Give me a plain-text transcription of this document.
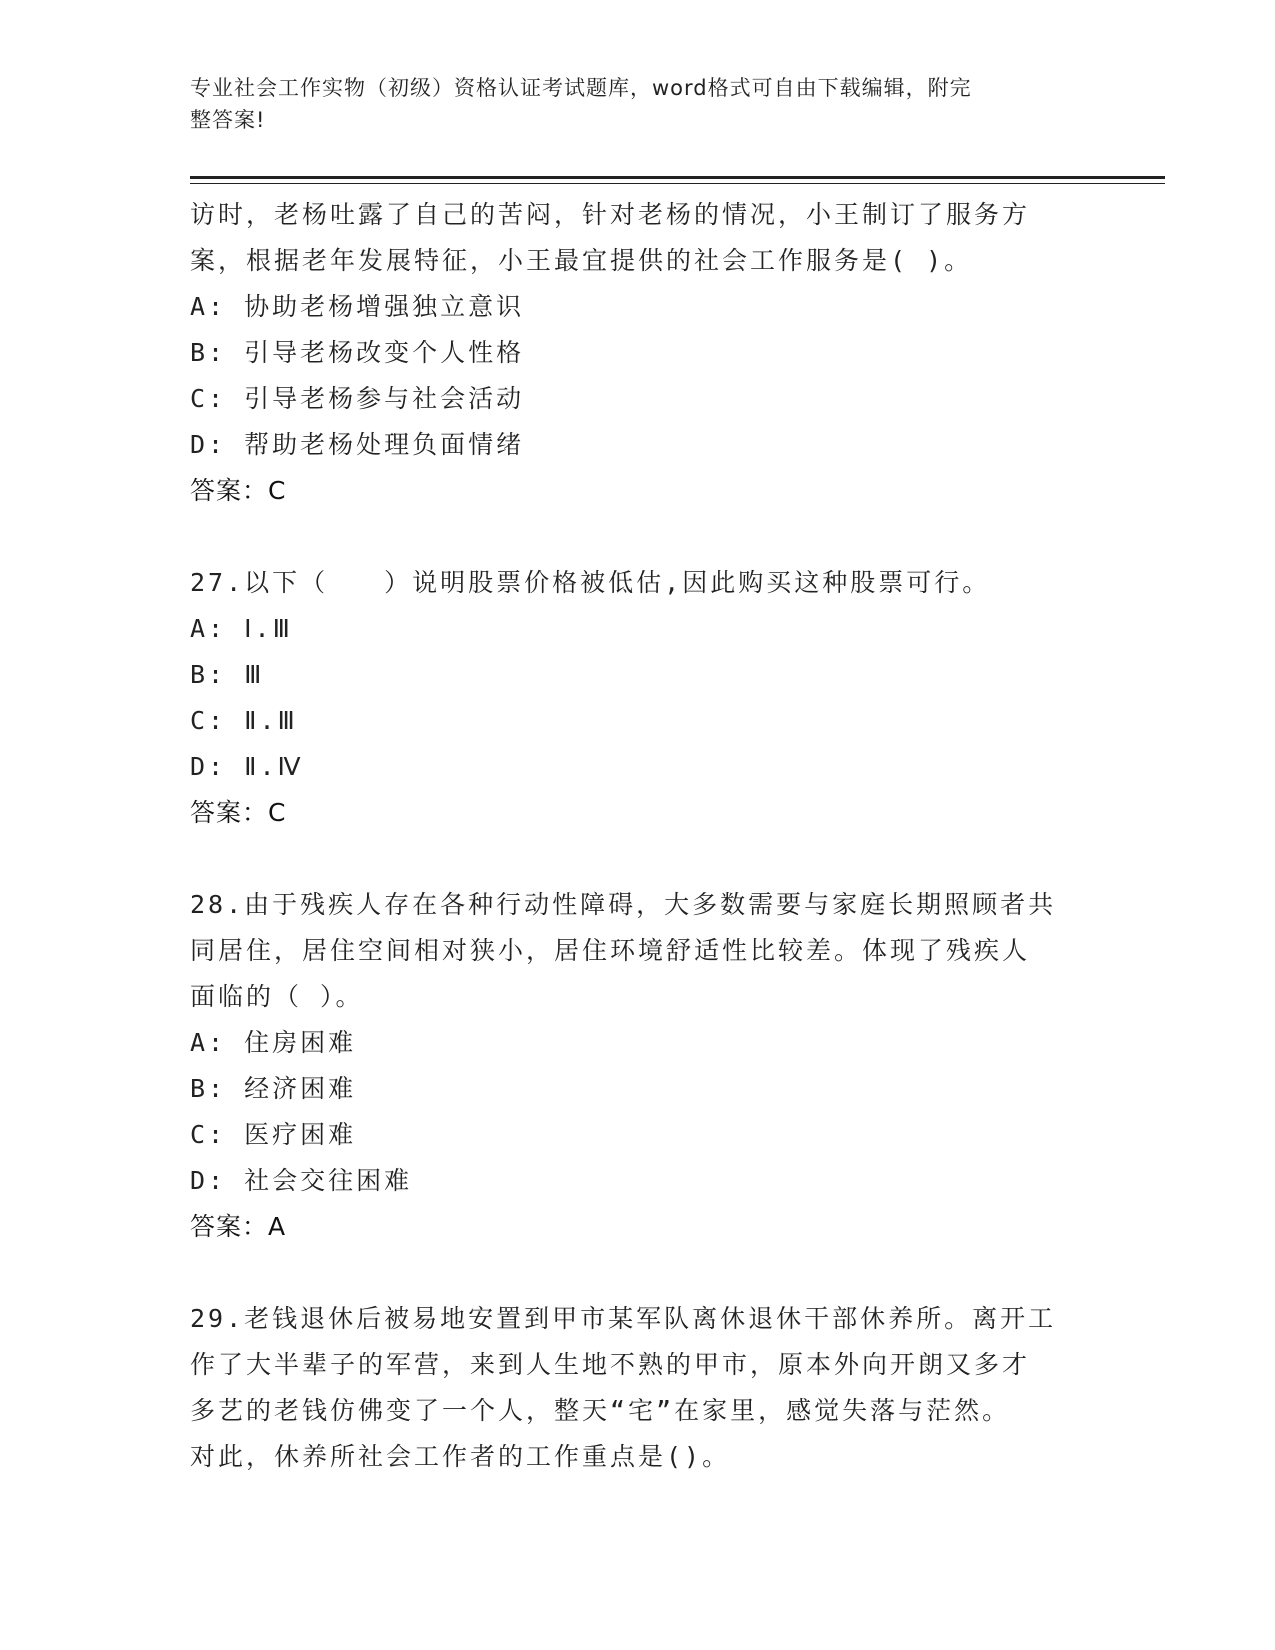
专业社会工作实物（初级）资格认证考试题库，word格式可自由下载编辑，附完
整答案!
访时，老杨吐露了自己的苦闷，针对老杨的情况，小王制订了服务方
案，根据老年发展特征，小王最宜提供的社会工作服务是( )。
A: 协助老杨增强独立意识
B: 引导老杨改变个人性格
C: 引导老杨参与社会活动
D: 帮助老杨处理负面情绪
答案：C
27.以下（　　）说明股票价格被低估,因此购买这种股票可行。
A: Ⅰ.Ⅲ
B: Ⅲ
C: Ⅱ.Ⅲ
D: Ⅱ.Ⅳ
答案：C
28.由于残疾人存在各种行动性障碍，大多数需要与家庭长期照顾者共
同居住，居住空间相对狭小，居住环境舒适性比较差。体现了残疾人
面临的（ ）。
A: 住房困难
B: 经济困难
C: 医疗困难
D: 社会交往困难
答案：A
29.老钱退休后被易地安置到甲市某军队离休退休干部休养所。离开工
作了大半辈子的军营，来到人生地不熟的甲市，原本外向开朗又多才
多艺的老钱仿佛变了一个人，整天“宅”在家里，感觉失落与茫然。
对此，休养所社会工作者的工作重点是()。
